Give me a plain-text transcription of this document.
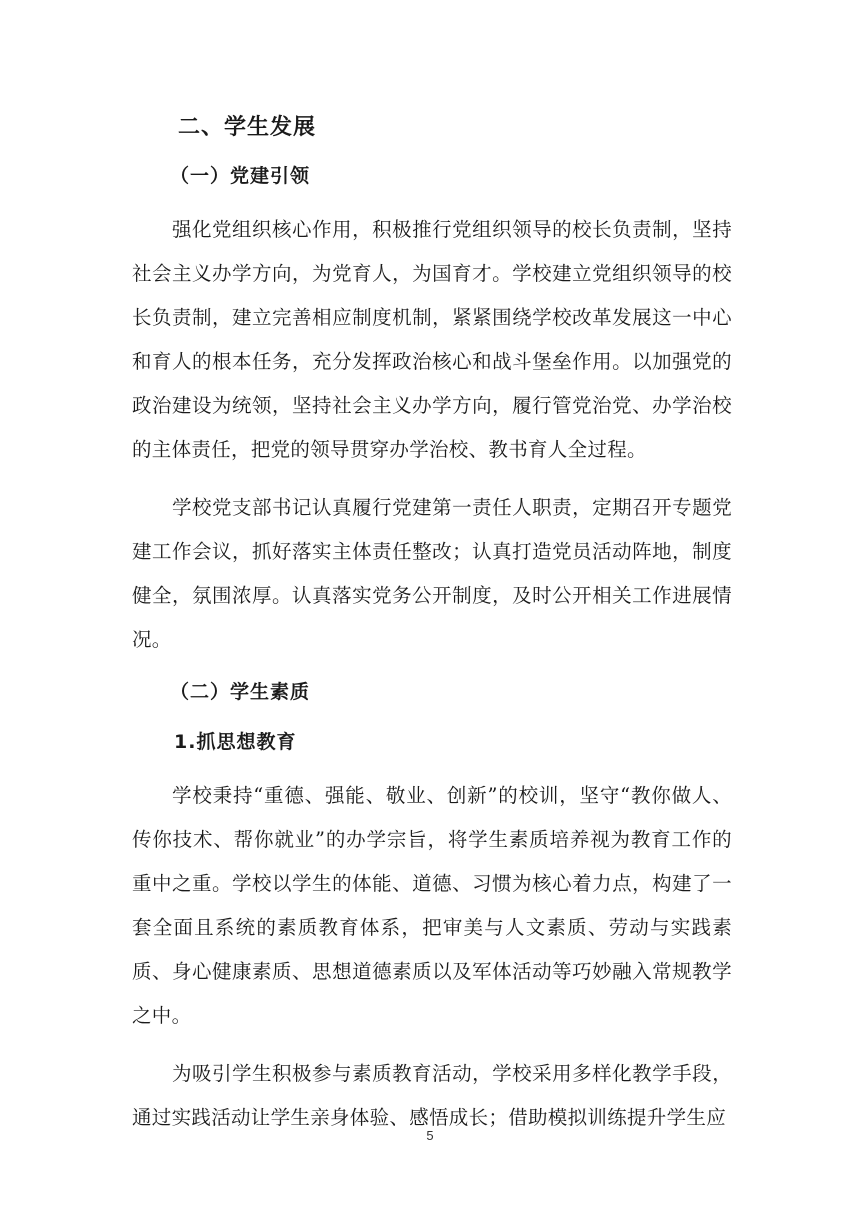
二、学生发展
（一）党建引领

强化党组织核心作用，积极推行党组织领导的校长负责制，坚持社会主义办学方向，为党育人，为国育才。学校建立党组织领导的校长负责制，建立完善相应制度机制，紧紧围绕学校改革发展这一中心和育人的根本任务，充分发挥政治核心和战斗堡垒作用。以加强党的政治建设为统领，坚持社会主义办学方向，履行管党治党、办学治校的主体责任，把党的领导贯穿办学治校、教书育人全过程。

学校党支部书记认真履行党建第一责任人职责，定期召开专题党建工作会议，抓好落实主体责任整改；认真打造党员活动阵地，制度健全，氛围浓厚。认真落实党务公开制度，及时公开相关工作进展情况。

（二）学生素质
1.抓思想教育

学校秉持“重德、强能、敬业、创新”的校训，坚守“教你做人、传你技术、帮你就业”的办学宗旨，将学生素质培养视为教育工作的重中之重。学校以学生的体能、道德、习惯为核心着力点，构建了一套全面且系统的素质教育体系，把审美与人文素质、劳动与实践素质、身心健康素质、思想道德素质以及军体活动等巧妙融入常规教学之中。

为吸引学生积极参与素质教育活动，学校采用多样化教学手段，通过实践活动让学生亲身体验、感悟成长；借助模拟训练提升学生应

5
